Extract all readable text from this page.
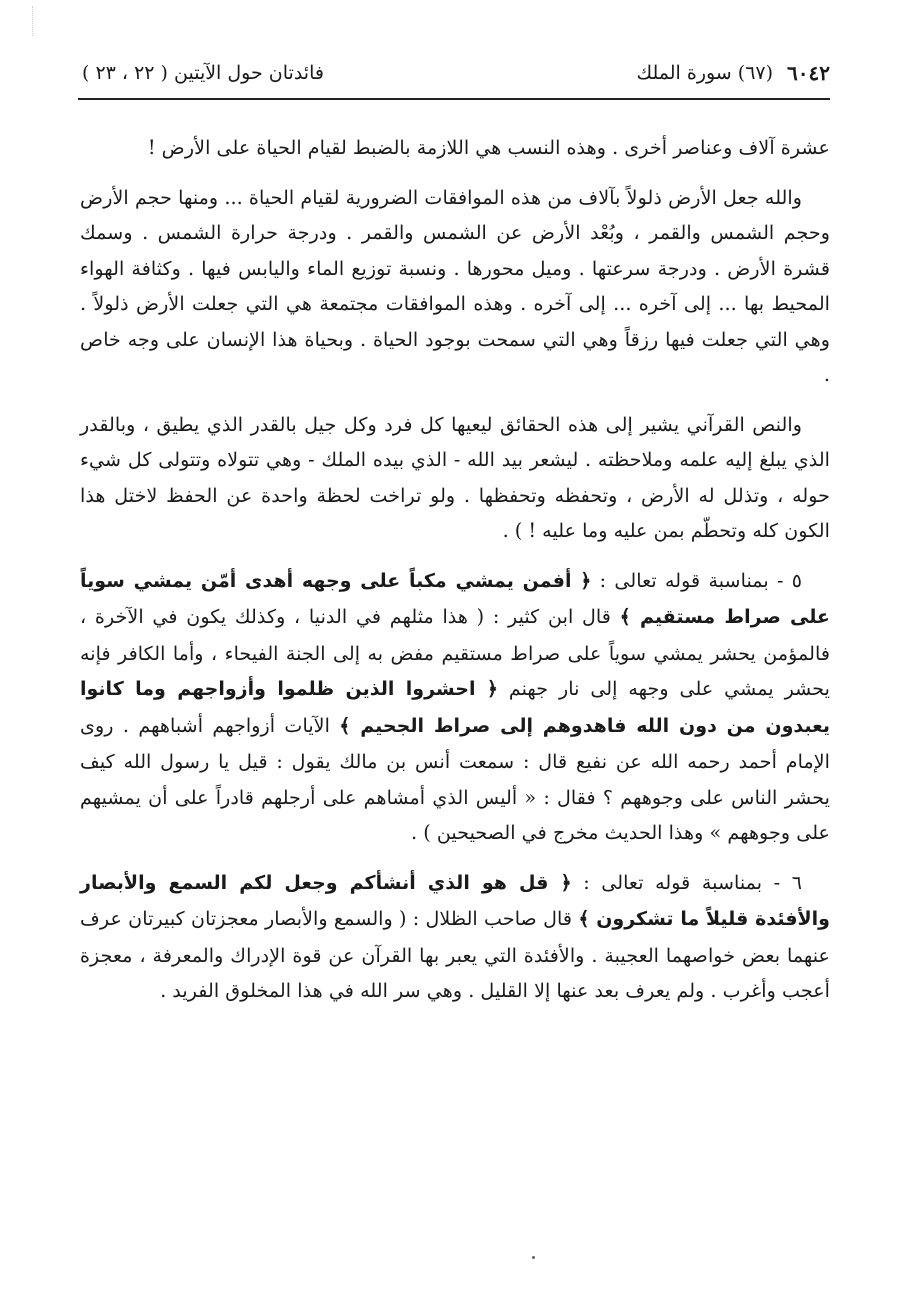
٦٠٤٢
(٦٧) سورة الملك
فائدتان حول الآيتين ( ٢٢ ، ٢٣ )

عشرة آلاف وعناصر أخرى . وهذه النسب هي اللازمة بالضبط لقيام الحياة على الأرض !

والله جعل الأرض ذلولاً بآلاف من هذه الموافقات الضرورية لقيام الحياة ... ومنها حجم الأرض وحجم الشمس والقمر ، وبُعْد الأرض عن الشمس والقمر . ودرجة حرارة الشمس . وسمك قشرة الأرض . ودرجة سرعتها . وميل محورها . ونسبة توزيع الماء واليابس فيها . وكثافة الهواء المحيط بها ... إلى آخره ... إلى آخره . وهذه الموافقات مجتمعة هي التي جعلت الأرض ذلولاً . وهي التي جعلت فيها رزقاً وهي التي سمحت بوجود الحياة . وبحياة هذا الإنسان على وجه خاص .

والنص القرآني يشير إلى هذه الحقائق ليعيها كل فرد وكل جيل بالقدر الذي يطيق ، وبالقدر الذي يبلغ إليه علمه وملاحظته . ليشعر بيد الله - الذي بيده الملك - وهي تتولاه وتتولى كل شيء حوله ، وتذلل له الأرض ، وتحفظه وتحفظها . ولو تراخت لحظة واحدة عن الحفظ لاختل هذا الكون كله وتحطّم بمن عليه وما عليه ! ) .

٥ - بمناسبة قوله تعالى : ﴿ أفمن يمشي مكباً على وجهه أهدى أمّن يمشي سوياً على صراط مستقيم ﴾ قال ابن كثير : ( هذا مثلهم في الدنيا ، وكذلك يكون في الآخرة ، فالمؤمن يحشر يمشي سوياً على صراط مستقيم مفض به إلى الجنة الفيحاء ، وأما الكافر فإنه يحشر يمشي على وجهه إلى نار جهنم ﴿ احشروا الذين ظلموا وأزواجهم وما كانوا يعبدون من دون الله فاهدوهم إلى صراط الجحيم ﴾ الآيات أزواجهم أشباههم . روى الإمام أحمد رحمه الله عن نفيع قال : سمعت أنس بن مالك يقول : قيل يا رسول الله كيف يحشر الناس على وجوههم ؟ فقال : « أليس الذي أمشاهم على أرجلهم قادراً على أن يمشيهم على وجوههم » وهذا الحديث مخرج في الصحيحين ) .

٦ - بمناسبة قوله تعالى : ﴿ قل هو الذي أنشأكم وجعل لكم السمع والأبصار والأفئدة قليلاً ما تشكرون ﴾ قال صاحب الظلال : ( والسمع والأبصار معجزتان كبيرتان عرف عنهما بعض خواصهما العجيبة . والأفئدة التي يعبر بها القرآن عن قوة الإدراك والمعرفة ، معجزة أعجب وأغرب . ولم يعرف بعد عنها إلا القليل . وهي سر الله في هذا المخلوق الفريد .
